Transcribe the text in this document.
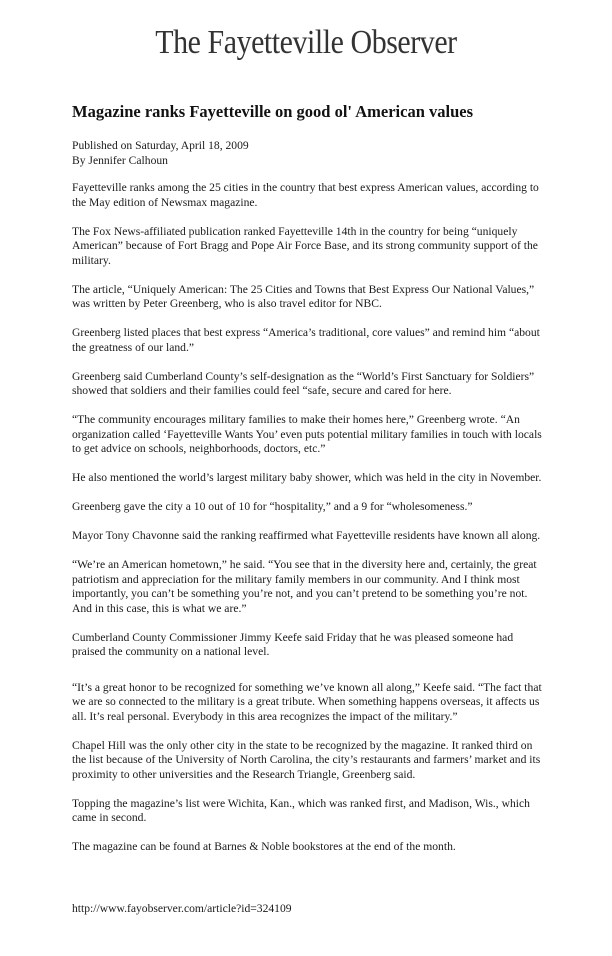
The Fayetteville Observer
Magazine ranks Fayetteville on good ol' American values
Published on Saturday, April 18, 2009
By Jennifer Calhoun

Fayetteville ranks among the 25 cities in the country that best express American values, according to the May edition of Newsmax magazine.

The Fox News-affiliated publication ranked Fayetteville 14th in the country for being “uniquely American” because of Fort Bragg and Pope Air Force Base, and its strong community support of the military.

The article, “Uniquely American: The 25 Cities and Towns that Best Express Our National Values,” was written by Peter Greenberg, who is also travel editor for NBC.

Greenberg listed places that best express “America’s traditional, core values” and remind him “about the greatness of our land.”

Greenberg said Cumberland County’s self-designation as the “World’s First Sanctuary for Soldiers” showed that soldiers and their families could feel “safe, secure and cared for here.

“The community encourages military families to make their homes here,” Greenberg wrote. “An organization called ‘Fayetteville Wants You’ even puts potential military families in touch with locals to get advice on schools, neighborhoods, doctors, etc.”

He also mentioned the world’s largest military baby shower, which was held in the city in November.

Greenberg gave the city a 10 out of 10 for “hospitality,” and a 9 for “wholesomeness.”

Mayor Tony Chavonne said the ranking reaffirmed what Fayetteville residents have known all along.

“We’re an American hometown,” he said. “You see that in the diversity here and, certainly, the great patriotism and appreciation for the military family members in our community. And I think most importantly, you can’t be something you’re not, and you can’t pretend to be something you’re not. And in this case, this is what we are.”

Cumberland County Commissioner Jimmy Keefe said Friday that he was pleased someone had praised the community on a national level.

“It’s a great honor to be recognized for something we’ve known all along,” Keefe said. “The fact that we are so connected to the military is a great tribute. When something happens overseas, it affects us all. It’s real personal. Everybody in this area recognizes the impact of the military.”

Chapel Hill was the only other city in the state to be recognized by the magazine. It ranked third on the list because of the University of North Carolina, the city’s restaurants and farmers’ market and its proximity to other universities and the Research Triangle, Greenberg said.

Topping the magazine’s list were Wichita, Kan., which was ranked first, and Madison, Wis., which came in second.

The magazine can be found at Barnes & Noble bookstores at the end of the month.

http://www.fayobserver.com/article?id=324109
